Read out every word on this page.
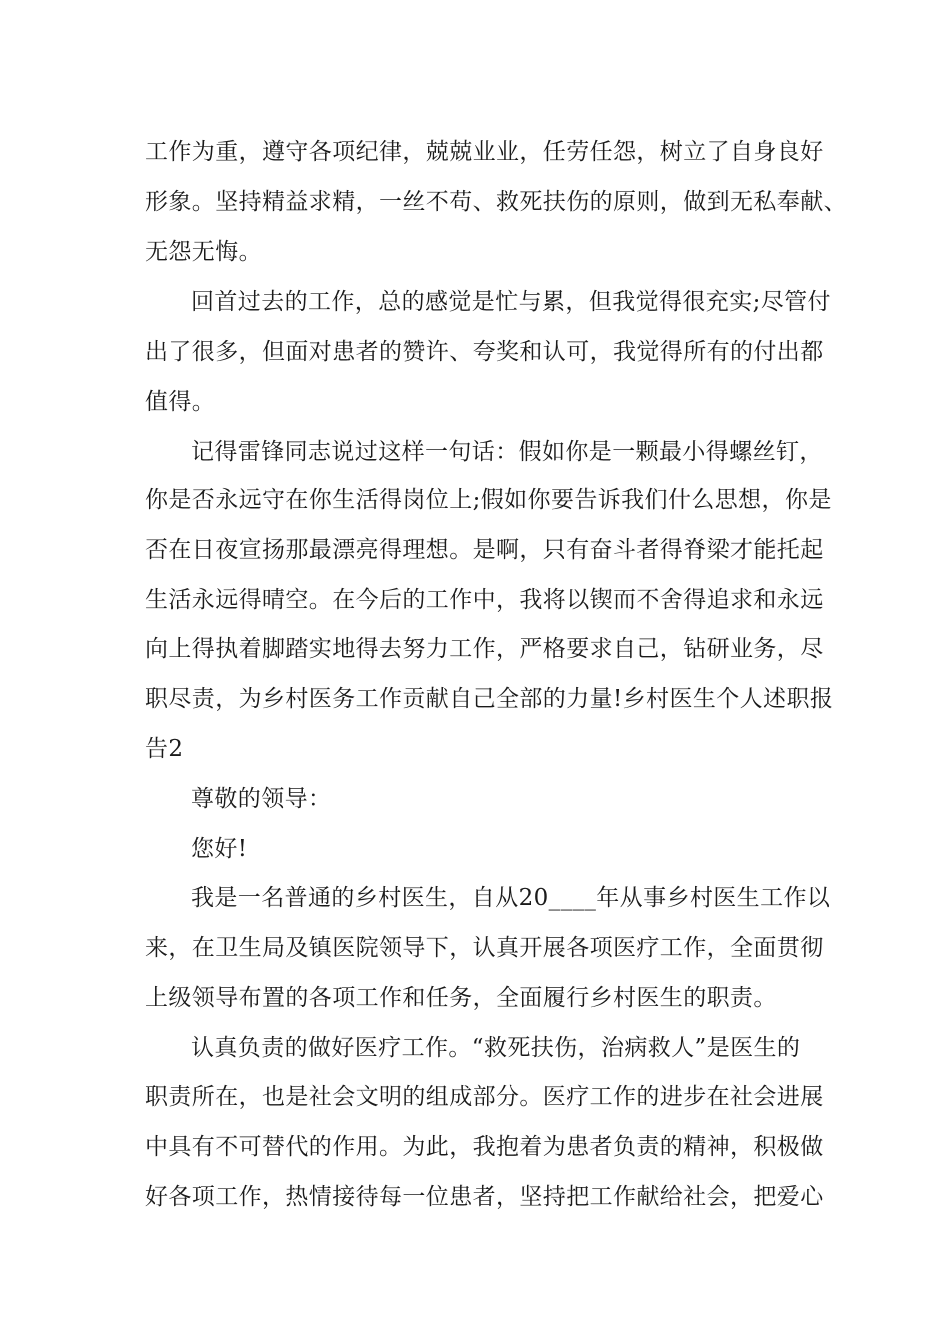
工作为重，遵守各项纪律，兢兢业业，任劳任怨，树立了自身良好

形象。坚持精益求精，一丝不苟、救死扶伤的原则，做到无私奉献、

无怨无悔。

回首过去的工作，总的感觉是忙与累，但我觉得很充实;尽管付

出了很多，但面对患者的赞许、夸奖和认可，我觉得所有的付出都

值得。

记得雷锋同志说过这样一句话：假如你是一颗最小得螺丝钉，

你是否永远守在你生活得岗位上;假如你要告诉我们什么思想，你是

否在日夜宣扬那最漂亮得理想。是啊，只有奋斗者得脊梁才能托起

生活永远得晴空。在今后的工作中，我将以锲而不舍得追求和永远

向上得执着脚踏实地得去努力工作，严格要求自己，钻研业务，尽

职尽责，为乡村医务工作贡献自己全部的力量!乡村医生个人述职报

告2

尊敬的领导：

您好!

我是一名普通的乡村医生，自从20____年从事乡村医生工作以

来，在卫生局及镇医院领导下，认真开展各项医疗工作，全面贯彻

上级领导布置的各项工作和任务，全面履行乡村医生的职责。

认真负责的做好医疗工作。“救死扶伤，治病救人”是医生的

职责所在，也是社会文明的组成部分。医疗工作的进步在社会进展

中具有不可替代的作用。为此，我抱着为患者负责的精神，积极做

好各项工作，热情接待每一位患者，坚持把工作献给社会，把爱心
